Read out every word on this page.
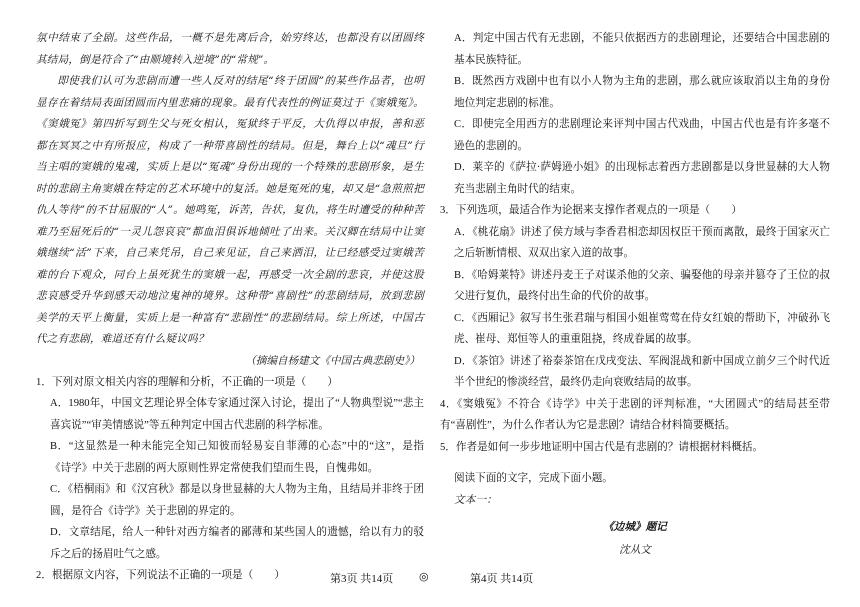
氛中结束了全剧。这些作品，一概不是先离后合，始穷终达，也都没有以团圆终其结局，倒是符合了“由顺境转入逆境”的“常规”。

即使我们认可为悲剧而遭一些人反对的结尾“终于团圆”的某些作品者，也明显存在着结局表面团圆而内里悲痛的现象。最有代表性的例证莫过于《窦娥冤》。《窦娥冤》第四折写到生父与死女相认，冤狱终于平反，大仇得以申报，善和恶都在冥冥之中有所报应，构成了一种带喜剧性的结局。但是，舞台上以“魂旦”行当主唱的窦娥的鬼魂，实质上是以“冤魂”身份出现的一个特殊的悲剧形象，是生时的悲剧主角窦娥在特定的艺术环境中的复活。她是冤死的鬼，却又是“急煎煎把仇人等待”的不甘屈服的“人”。她鸣冤，诉苦，告状，复仇，将生时遭受的种种苦难乃至屈死后的“一灵儿怨哀哀”都血泪俱诉地倾吐了出来。关汉卿在结局中让窦娥继续“活”下来，自己来凭吊，自己来见证，自己来洒泪，让已经感受过窦娥苦难的台下观众，同台上虽死犹生的窦娥一起，再感受一次全剧的悲哀，并使这股悲哀感受升华到感天动地泣鬼神的境界。这种带“喜剧性”的悲剧结局，放到悲剧美学的天平上衡量，实质上是一种富有“悲剧性”的悲剧结局。综上所述，中国古代之有悲剧，难道还有什么疑议吗？

（摘编自杨建文《中国古典悲剧史》）

1．下列对原文相关内容的理解和分析，不正确的一项是（　　）

A．1980年，中国文艺理论界全体专家通过深入讨论，提出了“人物典型说”“悲主喜宾说”“审美情感说”等五种判定中国古代悲剧的科学标准。

B．“这显然是一种未能完全知己知彼而轻易妄自菲薄的心态”中的“这”，是指《诗学》中关于悲剧的两大原则性界定常使我们望而生畏，自愧弗如。

C．《梧桐雨》和《汉宫秋》都是以身世显赫的大人物为主角，且结局并非终于团圆，是符合《诗学》关于悲剧的界定的。

D．文章结尾，给人一种针对西方编者的鄙薄和某些国人的遗憾，给以有力的驳斥之后的扬眉吐气之感。

2．根据原文内容，下列说法不正确的一项是（　　）

A．判定中国古代有无悲剧，不能只依据西方的悲剧理论，还要结合中国悲剧的基本民族特征。

B．既然西方戏剧中也有以小人物为主角的悲剧，那么就应该取消以主角的身份地位判定悲剧的标准。

C．即使完全用西方的悲剧理论来评判中国古代戏曲，中国古代也是有许多毫不逊色的悲剧的。

D．莱辛的《萨拉·萨姆逊小姐》的出现标志着西方悲剧都是以身世显赫的大人物充当悲剧主角时代的结束。

3．下列选项，最适合作为论据来支撑作者观点的一项是（　　）

A．《桃花扇》讲述了侯方域与李香君相恋却因权臣干预而离散，最终于国家灭亡之后斩断情根、双双出家入道的故事。

B．《哈姆莱特》讲述丹麦王子对谋杀他的父亲、骗娶他的母亲并篡夺了王位的叔父进行复仇，最终付出生命的代价的故事。

C．《西厢记》叙写书生张君瑞与相国小姐崔莺莺在侍女红娘的帮助下，冲破孙飞虎、崔母、郑恒等人的重重阻挠，终成眷属的故事。

D．《茶馆》讲述了裕泰茶馆在戊戌变法、军阀混战和新中国成立前夕三个时代近半个世纪的惨淡经营，最终仍走向衰败结局的故事。

4．《窦娥冤》不符合《诗学》中关于悲剧的评判标准，“大团圆式”的结局甚至带有“喜剧性”，为什么作者认为它是悲剧？请结合材料简要概括。

5．作者是如何一步步地证明中国古代是有悲剧的？请根据材料概括。

阅读下面的文字，完成下面小题。

文本一：

《边城》题记

沈从文

第3页 共14页 ◎	第4页 共14页
